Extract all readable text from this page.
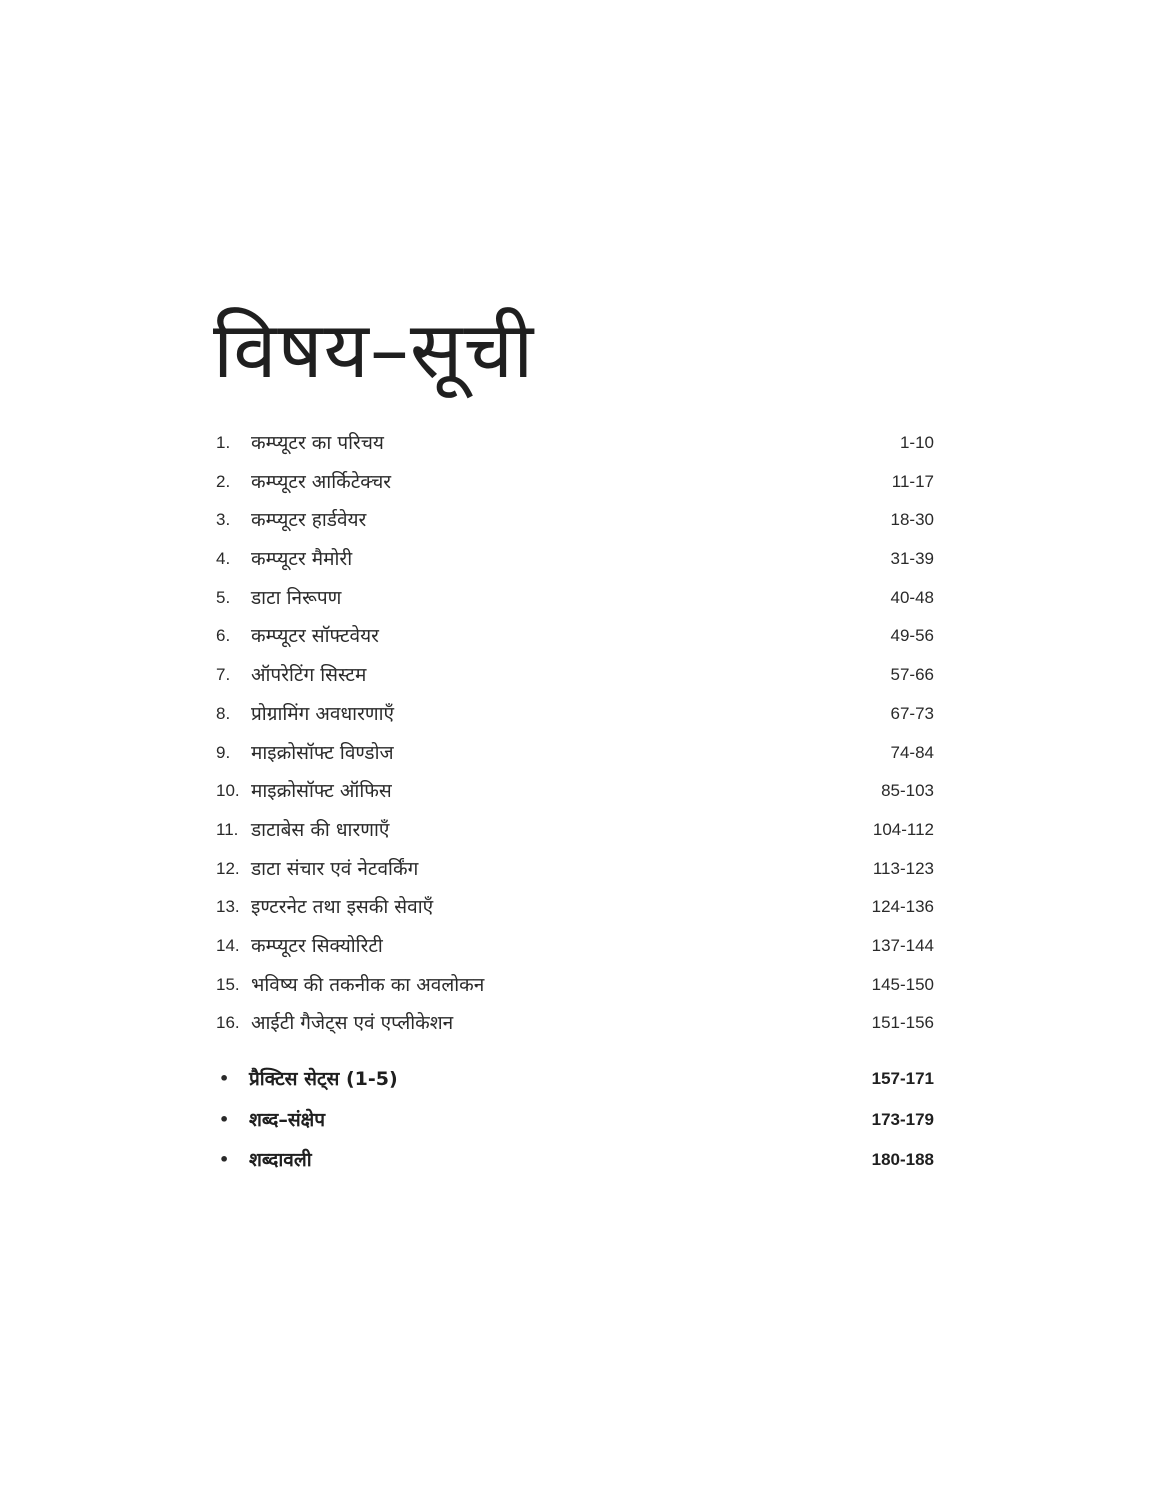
विषय–सूची
1. कम्प्यूटर का परिचय	1-10
2. कम्प्यूटर आर्किटेक्चर	11-17
3. कम्प्यूटर हार्डवेयर	18-30
4. कम्प्यूटर मैमोरी	31-39
5. डाटा निरूपण	40-48
6. कम्प्यूटर सॉफ्टवेयर	49-56
7. ऑपरेटिंग सिस्टम	57-66
8. प्रोग्रामिंग अवधारणाएँ	67-73
9. माइक्रोसॉफ्ट विण्डोज	74-84
10. माइक्रोसॉफ्ट ऑफिस	85-103
11. डाटाबेस की धारणाएँ	104-112
12. डाटा संचार एवं नेटवर्किंग	113-123
13. इण्टरनेट तथा इसकी सेवाएँ	124-136
14. कम्प्यूटर सिक्योरिटी	137-144
15. भविष्य की तकनीक का अवलोकन	145-150
16. आईटी गैजेट्स एवं एप्लीकेशन	151-156
• प्रैक्टिस सेट्स (1-5)	157-171
• शब्द–संक्षेप	173-179
• शब्दावली	180-188
